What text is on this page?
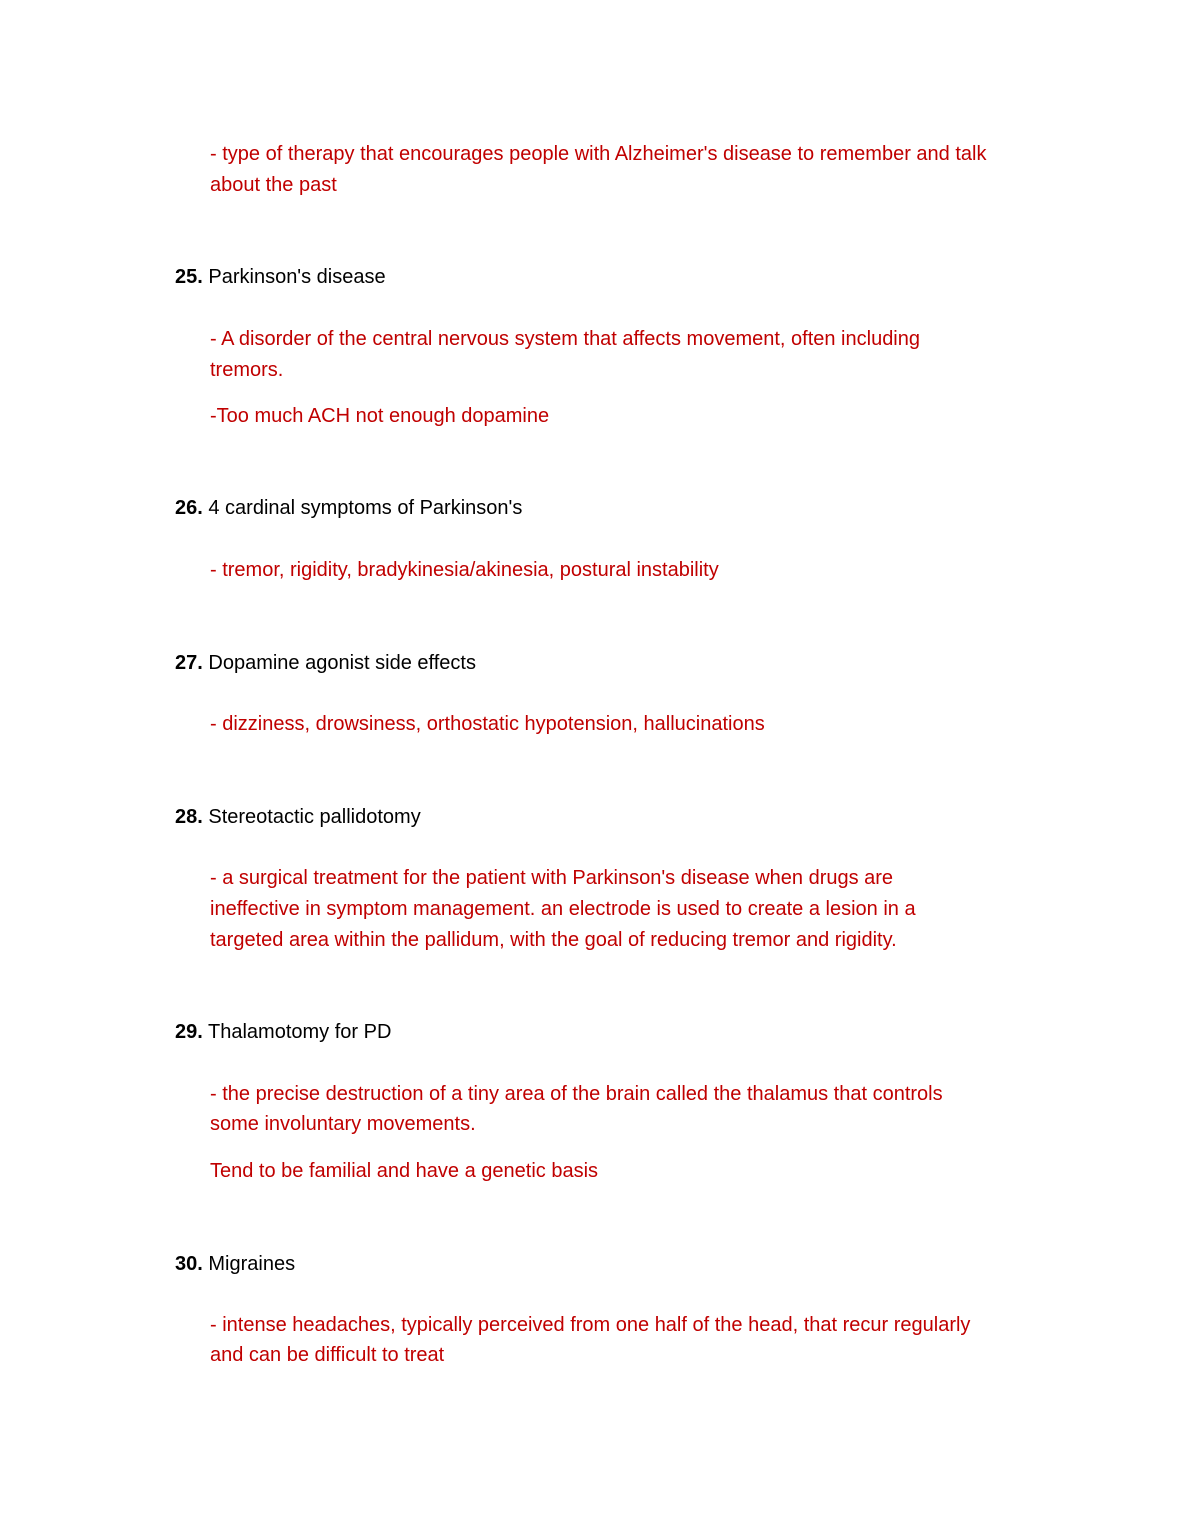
- type of therapy that encourages people with Alzheimer's disease to remember and talk

about the past

25. Parkinson's disease

- A disorder of the central nervous system that affects movement, often including

tremors.

-Too much ACH not enough dopamine

26. 4 cardinal symptoms of Parkinson's

- tremor, rigidity, bradykinesia/akinesia, postural instability

27. Dopamine agonist side effects

- dizziness, drowsiness, orthostatic hypotension, hallucinations

28. Stereotactic pallidotomy

- a surgical treatment for the patient with Parkinson's disease when drugs are

ineffective in symptom management. an electrode is used to create a lesion in a

targeted area within the pallidum, with the goal of reducing tremor and rigidity.

29. Thalamotomy for PD

- the precise destruction of a tiny area of the brain called the thalamus that controls

some involuntary movements.

Tend to be familial and have a genetic basis

30. Migraines

- intense headaches, typically perceived from one half of the head, that recur regularly

and can be difficult to treat
